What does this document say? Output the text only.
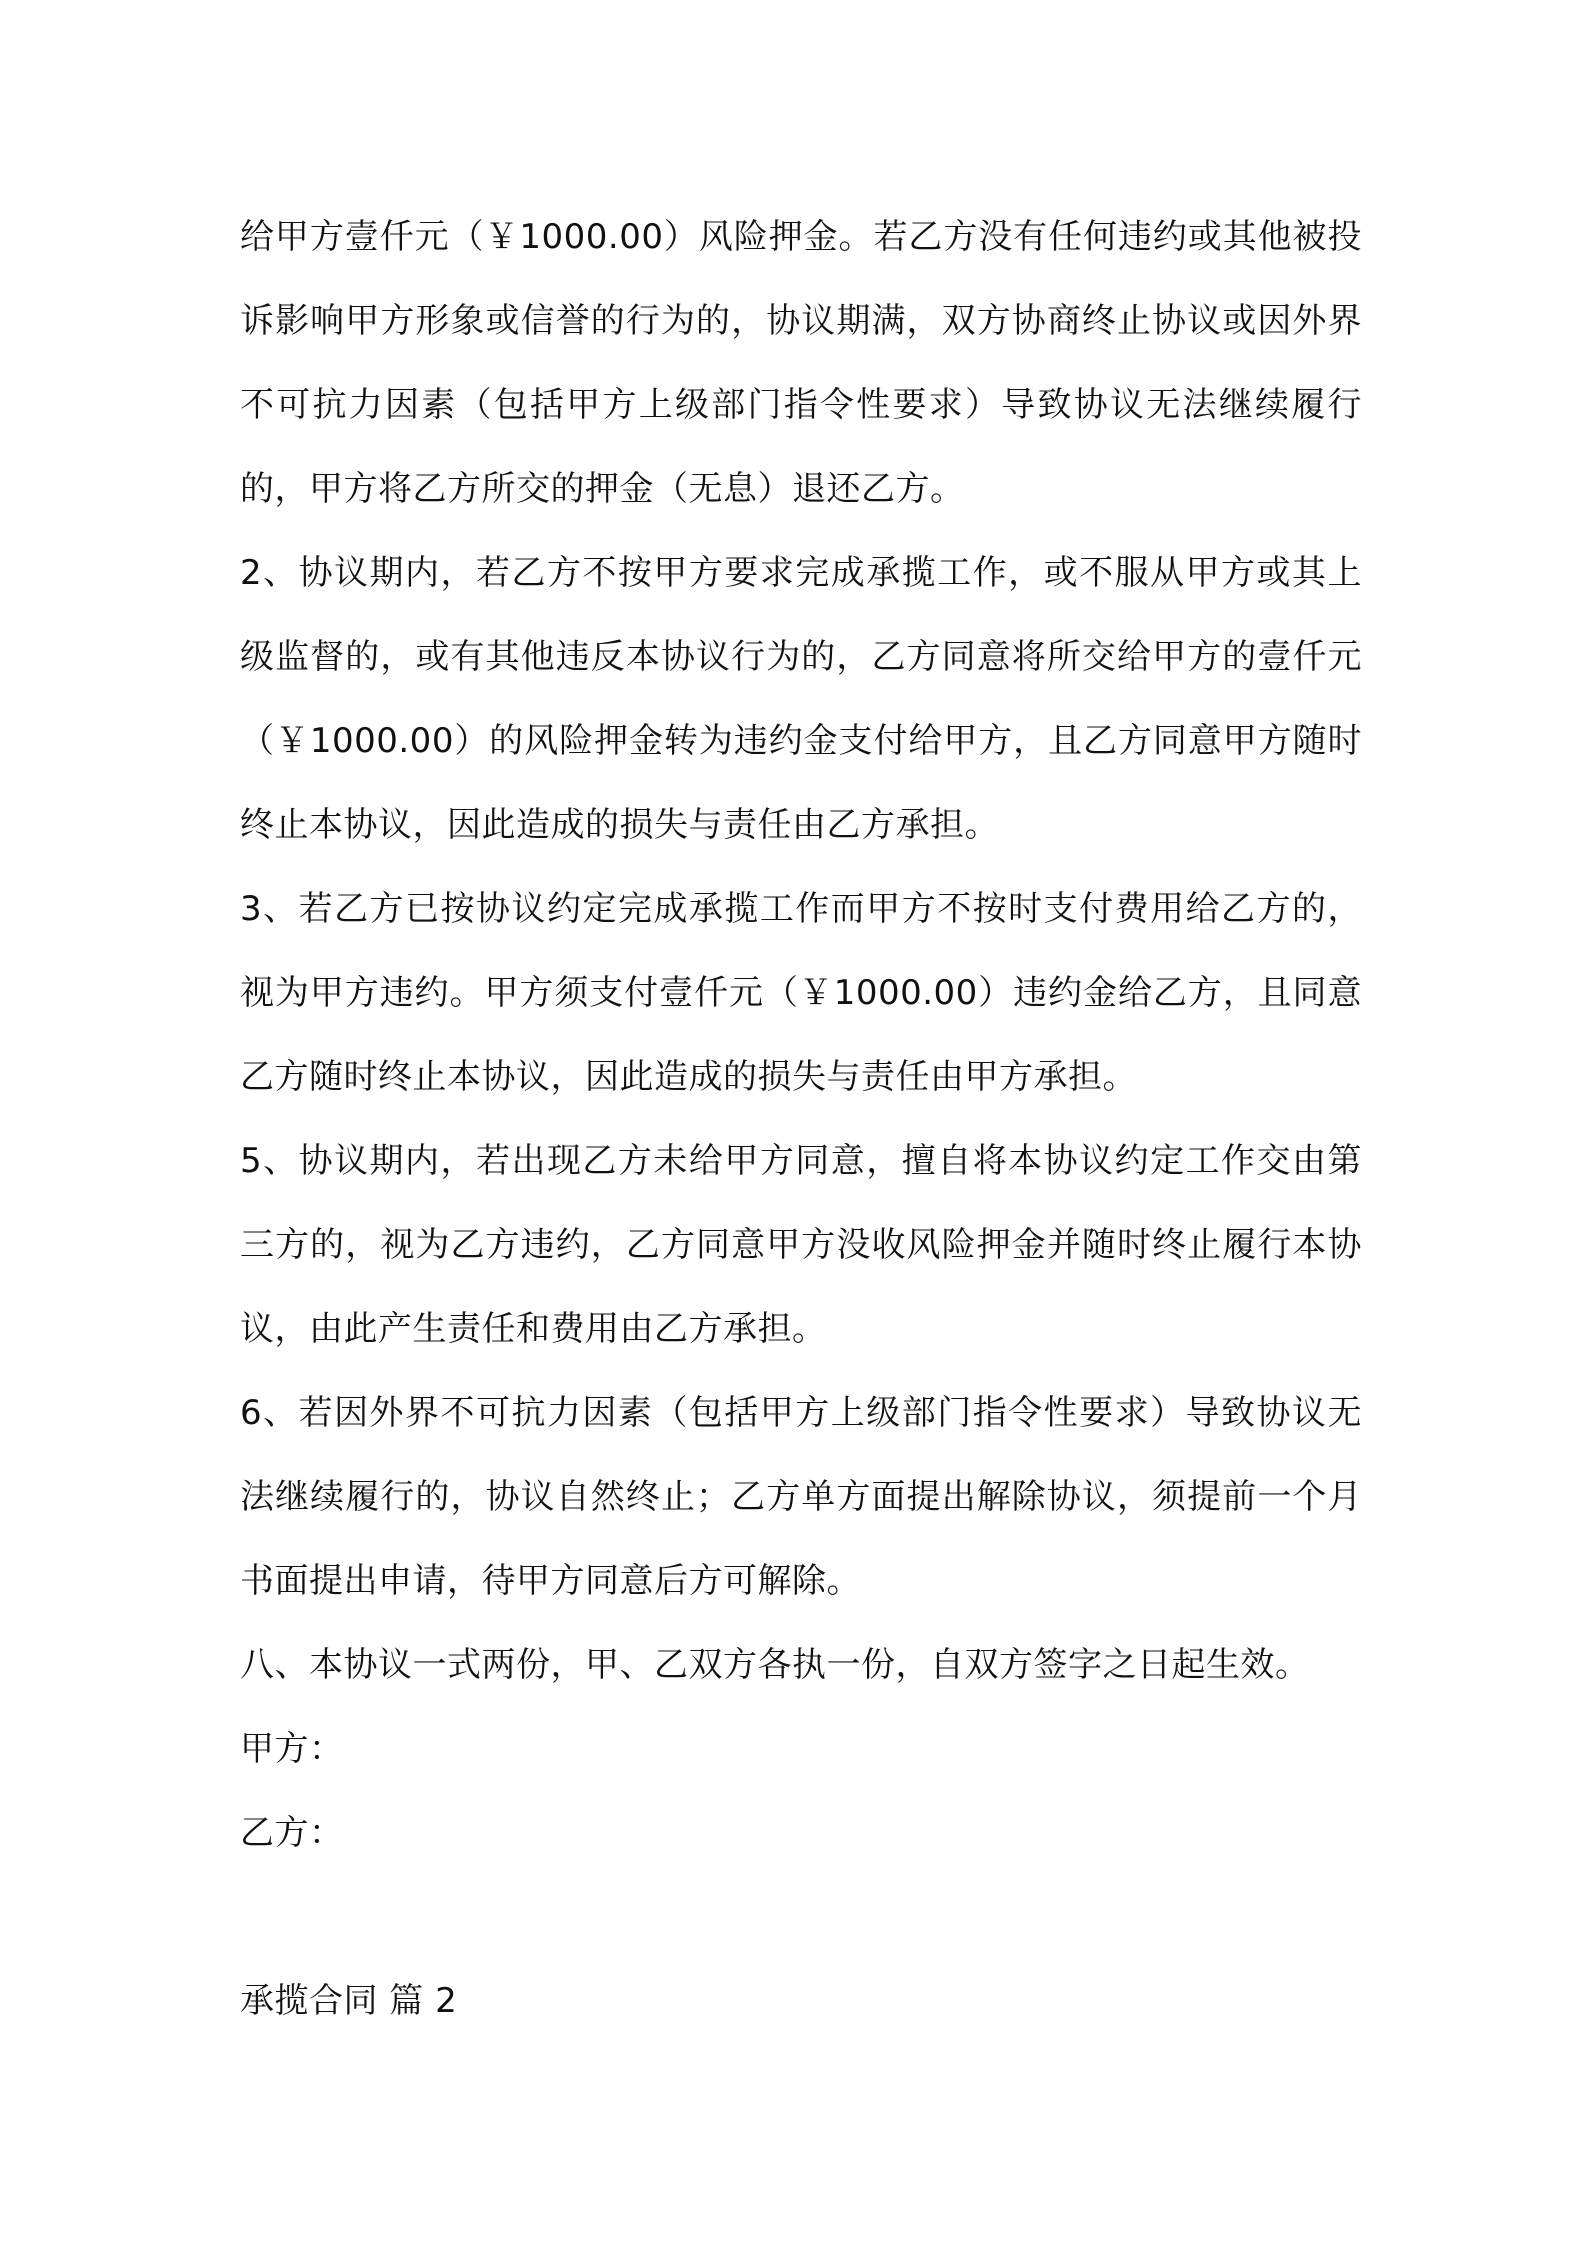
给甲方壹仟元（￥1000.00）风险押金。若乙方没有任何违约或其他被投诉影响甲方形象或信誉的行为的，协议期满，双方协商终止协议或因外界不可抗力因素（包括甲方上级部门指令性要求）导致协议无法继续履行的，甲方将乙方所交的押金（无息）退还乙方。

2、协议期内，若乙方不按甲方要求完成承揽工作，或不服从甲方或其上级监督的，或有其他违反本协议行为的，乙方同意将所交给甲方的壹仟元（￥1000.00）的风险押金转为违约金支付给甲方，且乙方同意甲方随时终止本协议，因此造成的损失与责任由乙方承担。

3、若乙方已按协议约定完成承揽工作而甲方不按时支付费用给乙方的，视为甲方违约。甲方须支付壹仟元（￥1000.00）违约金给乙方，且同意乙方随时终止本协议，因此造成的损失与责任由甲方承担。

5、协议期内，若出现乙方未给甲方同意，擅自将本协议约定工作交由第三方的，视为乙方违约，乙方同意甲方没收风险押金并随时终止履行本协议，由此产生责任和费用由乙方承担。

6、若因外界不可抗力因素（包括甲方上级部门指令性要求）导致协议无法继续履行的，协议自然终止；乙方单方面提出解除协议，须提前一个月书面提出申请，待甲方同意后方可解除。

八、本协议一式两份，甲、乙双方各执一份，自双方签字之日起生效。

甲方：

乙方：

承揽合同 篇 2
